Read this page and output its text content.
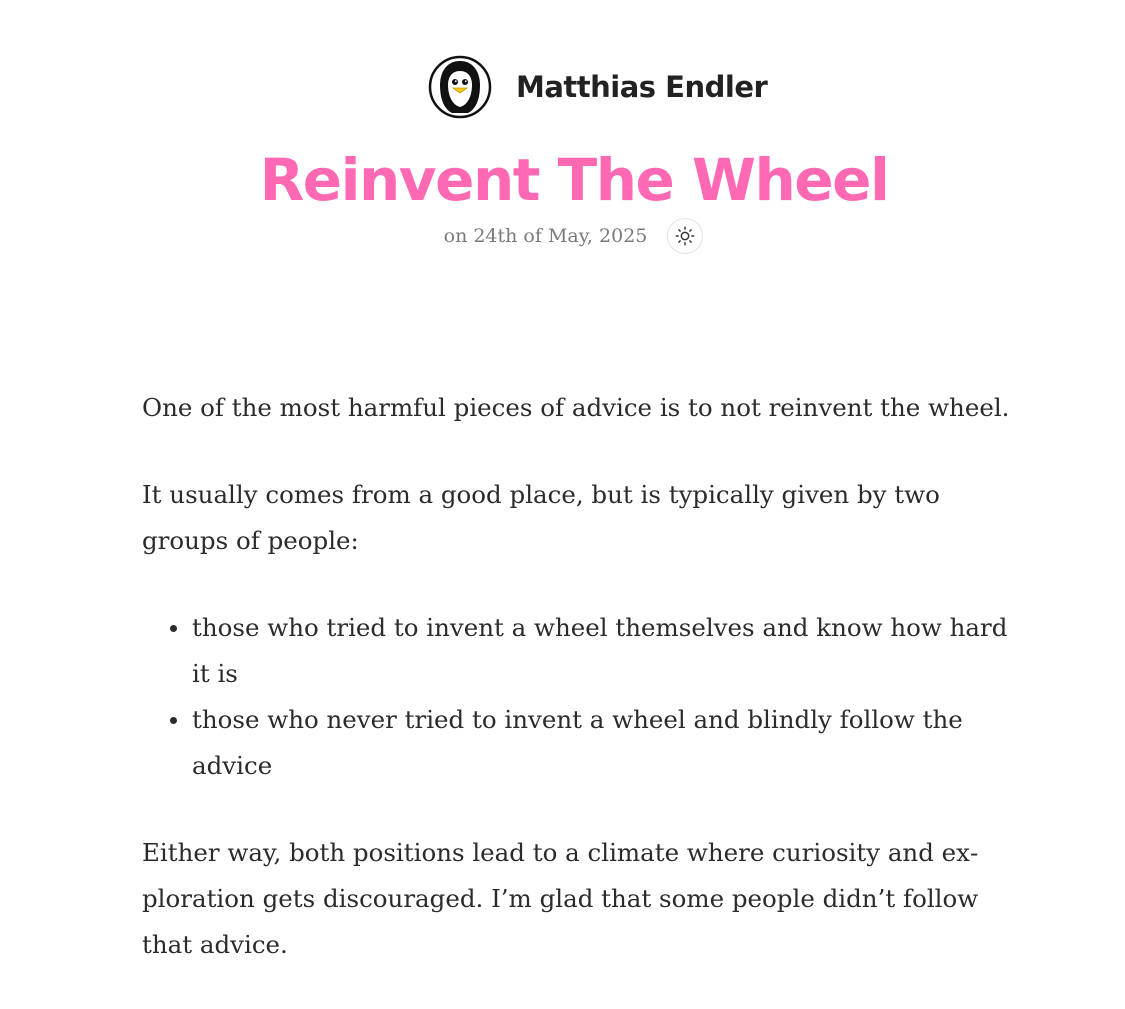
Matthias Endler
Reinvent The Wheel
on 24th of May, 2025

One of the most harmful pieces of advice is to not reinvent the wheel.

It usually comes from a good place, but is typically given by two groups of people:

those who tried to invent a wheel themselves and know how hard it is
those who never tried to invent a wheel and blindly follow the advice

Either way, both positions lead to a climate where curiosity and exploration gets discouraged. I’m glad that some people didn’t follow that advice.
